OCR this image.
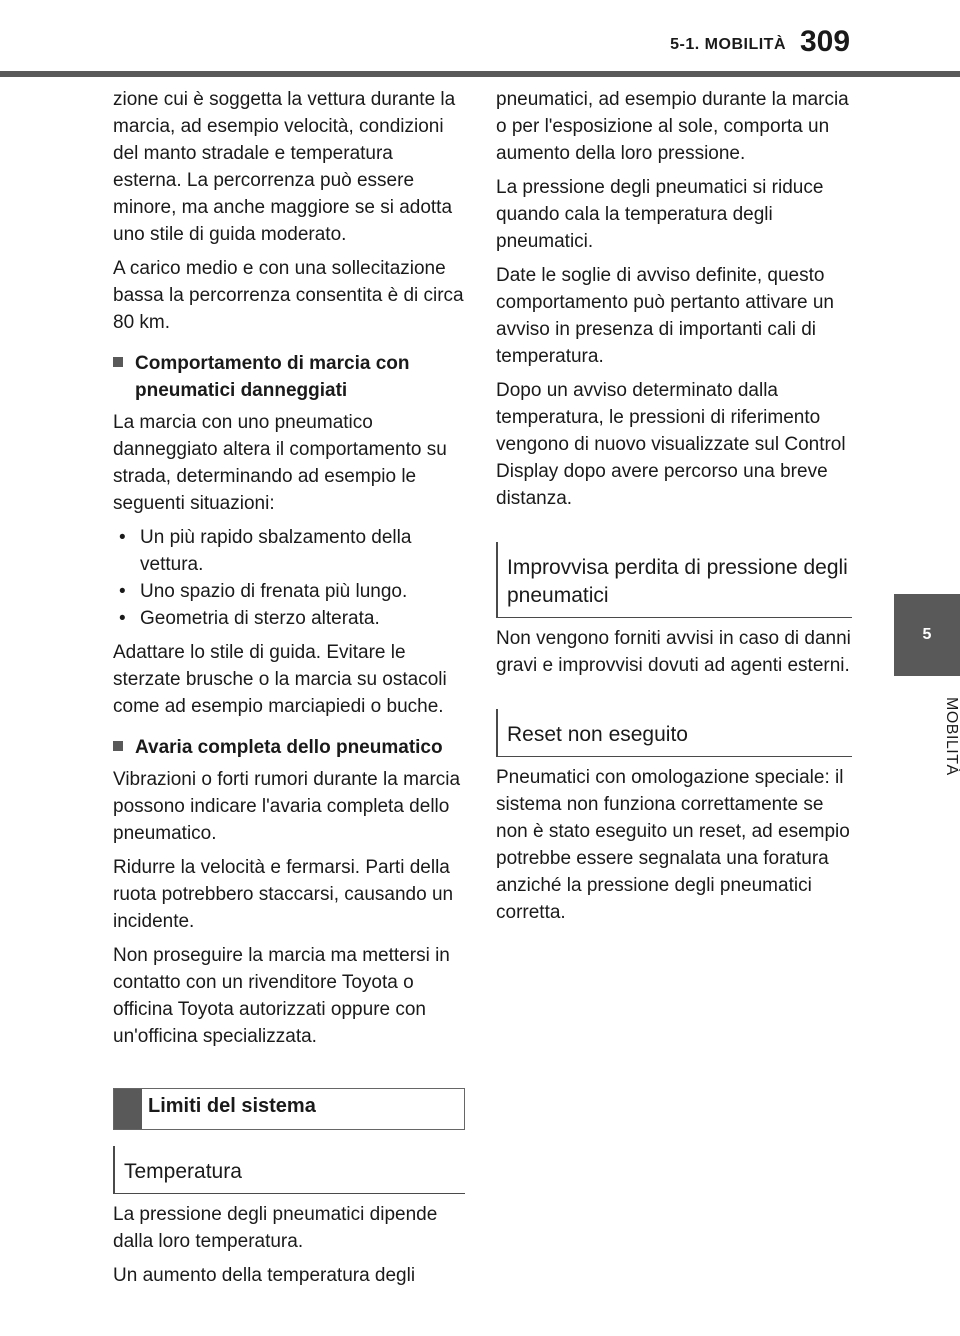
5-1. MOBILITÀ 309
5
MOBILITÀ

zione cui è soggetta la vettura durante la marcia, ad esempio velocità, condizioni del manto stradale e temperatura esterna. La percorrenza può essere minore, ma anche maggiore se si adotta uno stile di guida moderato.

A carico medio e con una sollecitazione bassa la percorrenza consentita è di circa 80 km.

Comportamento di marcia con pneumatici danneggiati

La marcia con uno pneumatico danneggiato altera il comportamento su strada, determinando ad esempio le seguenti situazioni:

• Un più rapido sbalzamento della vettura.
• Uno spazio di frenata più lungo.
• Geometria di sterzo alterata.

Adattare lo stile di guida. Evitare le sterzate brusche o la marcia su ostacoli come ad esempio marciapiedi o buche.

Avaria completa dello pneumatico

Vibrazioni o forti rumori durante la marcia possono indicare l'avaria completa dello pneumatico.

Ridurre la velocità e fermarsi. Parti della ruota potrebbero staccarsi, causando un incidente.

Non proseguire la marcia ma mettersi in contatto con un rivenditore Toyota o officina Toyota autorizzati oppure con un'officina specializzata.

Limiti del sistema
Temperatura

La pressione degli pneumatici dipende dalla loro temperatura.

Un aumento della temperatura degli

pneumatici, ad esempio durante la marcia o per l'esposizione al sole, comporta un aumento della loro pressione.

La pressione degli pneumatici si riduce quando cala la temperatura degli pneumatici.

Date le soglie di avviso definite, questo comportamento può pertanto attivare un avviso in presenza di importanti cali di temperatura.

Dopo un avviso determinato dalla temperatura, le pressioni di riferimento vengono di nuovo visualizzate sul Control Display dopo avere percorso una breve distanza.

Improvvisa perdita di pressione degli pneumatici

Non vengono forniti avvisi in caso di danni gravi e improvvisi dovuti ad agenti esterni.

Reset non eseguito

Pneumatici con omologazione speciale: il sistema non funziona correttamente se non è stato eseguito un reset, ad esempio potrebbe essere segnalata una foratura anziché la pressione degli pneumatici corretta.
